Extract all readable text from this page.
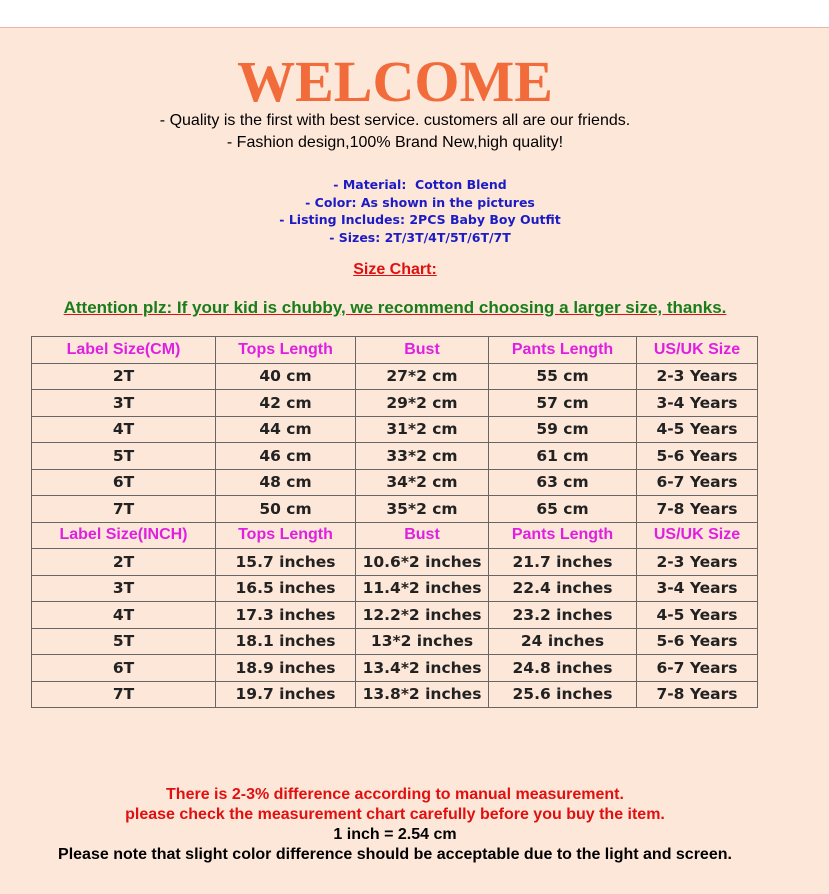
WELCOME
- Quality is the first with best service. customers all are our friends.
- Fashion design,100% Brand New,high quality!
- Material:  Cotton Blend
- Color: As shown in the pictures
- Listing Includes: 2PCS Baby Boy Outfit
- Sizes: 2T/3T/4T/5T/6T/7T
Size Chart:
Attention plz: If your kid is chubby, we recommend choosing a larger size, thanks.
Label Size(CM)	Tops Length	Bust	Pants Length	US/UK Size
2T	40 cm	27*2 cm	55 cm	2-3 Years
3T	42 cm	29*2 cm	57 cm	3-4 Years
4T	44 cm	31*2 cm	59 cm	4-5 Years
5T	46 cm	33*2 cm	61 cm	5-6 Years
6T	48 cm	34*2 cm	63 cm	6-7 Years
7T	50 cm	35*2 cm	65 cm	7-8 Years
Label Size(INCH)	Tops Length	Bust	Pants Length	US/UK Size
2T	15.7 inches	10.6*2 inches	21.7 inches	2-3 Years
3T	16.5 inches	11.4*2 inches	22.4 inches	3-4 Years
4T	17.3 inches	12.2*2 inches	23.2 inches	4-5 Years
5T	18.1 inches	13*2 inches	24 inches	5-6 Years
6T	18.9 inches	13.4*2 inches	24.8 inches	6-7 Years
7T	19.7 inches	13.8*2 inches	25.6 inches	7-8 Years
There is 2-3% difference according to manual measurement.
please check the measurement chart carefully before you buy the item.
1 inch = 2.54 cm
Please note that slight color difference should be acceptable due to the light and screen.
